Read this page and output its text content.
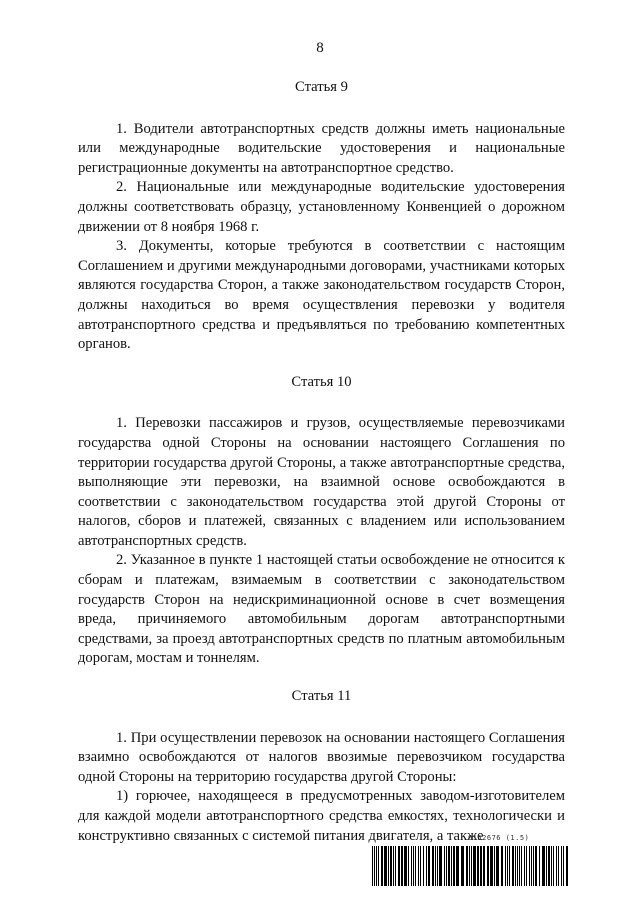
8
Статья 9

1. Водители автотранспортных средств должны иметь национальные или международные водительские удостоверения и национальные регистрационные документы на автотранспортное средство.

2. Национальные или международные водительские удостоверения должны соответствовать образцу, установленному Конвенцией о дорожном движении от 8 ноября 1968 г.

3. Документы, которые требуются в соответствии с настоящим Соглашением и другими международными договорами, участниками которых являются государства Сторон, а также законодательством государств Сторон, должны находиться во время осуществления перевозки у водителя автотранспортного средства и предъявляться по требованию компетентных органов.

Статья 10

1. Перевозки пассажиров и грузов, осуществляемые перевозчиками государства одной Стороны на основании настоящего Соглашения по территории государства другой Стороны, а также автотранспортные средства, выполняющие эти перевозки, на взаимной основе освобождаются в соответствии с законодательством государства этой другой Стороны от налогов, сборов и платежей, связанных с владением или использованием автотранспортных средств.

2. Указанное в пункте 1 настоящей статьи освобождение не относится к сборам и платежам, взимаемым в соответствии с законодательством государств Сторон на недискриминационной основе в счет возмещения вреда, причиняемого автомобильным дорогам автотранспортными средствами, за проезд автотранспортных средств по платным автомобильным дорогам, мостам и тоннелям.

Статья 11

1. При осуществлении перевозок на основании настоящего Соглашения взаимно освобождаются от налогов ввозимые перевозчиком государства одной Стороны на территорию государства другой Стороны:

1) горючее, находящееся в предусмотренных заводом-изготовителем для каждой модели автотранспортного средства емкостях, технологически и конструктивно связанных с системой питания двигателя, а также

6152676 (1.5)
